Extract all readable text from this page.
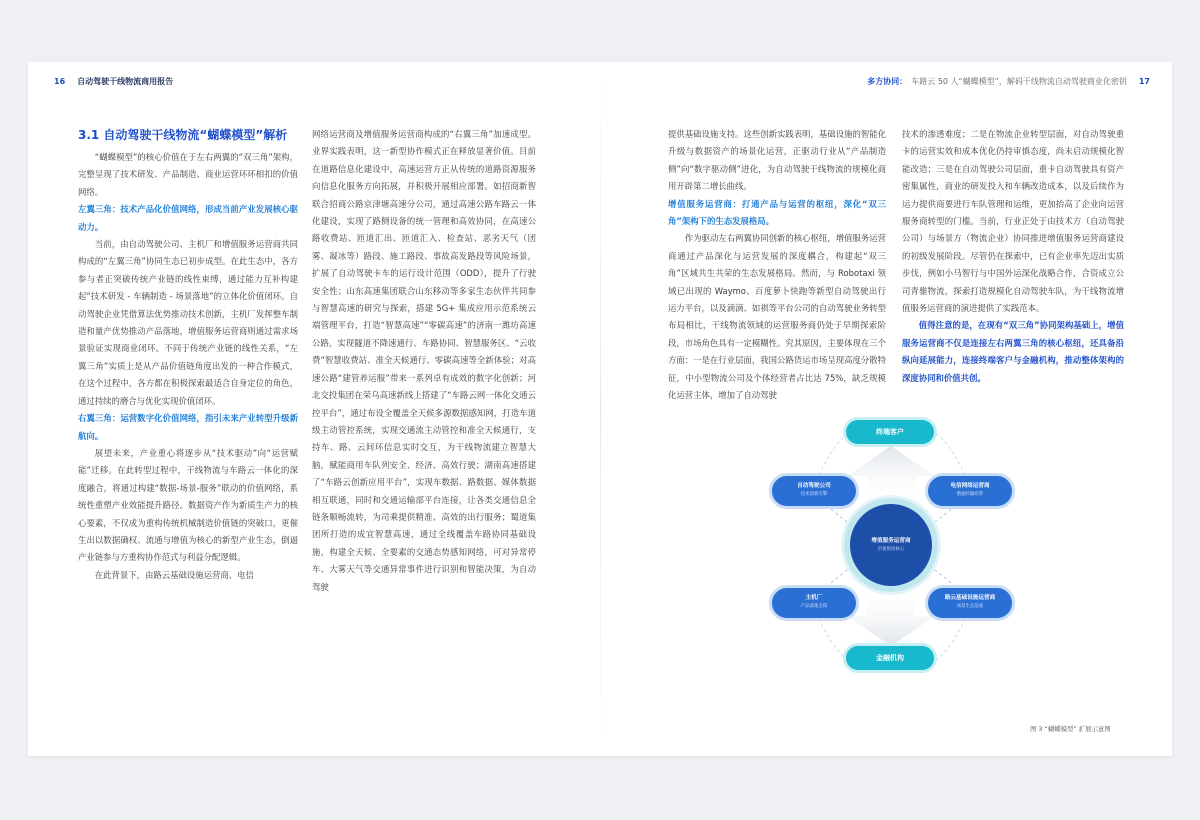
16 自动驾驶干线物流商用报告	多方协同： 车路云 50 人“蝴蝶模型”，解码干线物流自动驾驶商业化密钥 17

3.1 自动驾驶干线物流“蝴蝶模型”解析

“蝴蝶模型”的核心价值在于左右两翼的“双三角”架构，完整呈现了技术研发、产品制造、商业运营环环相扣的价值网络。

左翼三角：技术产品化价值网络，形成当前产业发展核心驱动力。

当前，由自动驾驶公司、主机厂和增值服务运营商共同构成的“左翼三角”协同生态已初步成型。在此生态中，各方参与者正突破传统产业链的线性束缚，通过能力互补构建起“技术研发 - 车辆制造 - 场景落地”的立体化价值闭环。自动驾驶企业凭借算法优势推动技术创新，主机厂发挥整车制造和量产优势推动产品落地，增值服务运营商则通过需求场景验证实现商业闭环。不同于传统产业链的线性关系，“左翼三角”实质上是从产品价值链角度出发的一种合作模式，在这个过程中，各方都在积极探索最适合自身定位的角色，通过持续的磨合与优化实现价值闭环。

右翼三角：运营数字化价值网络，指引未来产业转型升级新航向。

展望未来，产业重心将逐步从“技术驱动”向“运营赋能”迁移。在此转型过程中，干线物流与车路云一体化的深度融合，将通过构建“数据-场景-服务”联动的价值网络，系统性重塑产业效能提升路径。数据资产作为新质生产力的核心要素，不仅成为重构传统机械制造价值链的突破口，更催生出以数据确权、流通与增值为核心的新型产业生态，倒逼产业链参与方重构协作范式与利益分配逻辑。

在此背景下，由路云基础设施运营商、电信

网络运营商及增值服务运营商构成的“右翼三角”加速成型。业界实践表明，这一新型协作模式正在释放显著价值。目前在道路信息化建设中，高速运营方正从传统的道路资源服务向信息化服务方向拓展，并积极开展相应部署。如招商新智联合招商公路京津塘高速分公司，通过高速公路车路云一体化建设，实现了路侧设备的统一管理和高效协同，在高速公路收费站、匝道汇出、匝道汇入、检查站、恶劣天气（团雾、凝冰等）路段、施工路段、事故高发路段等风险场景，扩展了自动驾驶卡车的运行设计范围（ODD），提升了行驶安全性；山东高速集团联合山东移动等多家生态伙伴共同参与智慧高速的研究与探索，搭建 5G+ 集成应用示范系统云端管理平台，打造“智慧高速”“零碳高速”的济南一潍坊高速公路，实现隧道不降速通行、车路协同、智慧服务区、“云收费”智慧收费站、准全天候通行、零碳高速等全新体验；对高速公路“建管养运服”带来一系列卓有成效的数字化创新；河北交投集团在荣乌高速新线上搭建了“车路云网一体化交通云控平台”，通过布设全覆盖全天候多源数据感知网，打造车道级主动管控系统，实现交通流主动管控和准全天候通行，支持车、路、云间环信息实时交互，为干线物流建立智慧大脑，赋能商用车队列安全、经济、高效行驶；湖南高速搭建了“车路云创新应用平台”，实现车数据、路数据、媒体数据相互联通，同时和交通运输部平台连接，让各类交通信息全链条顺畅流转，为司乘提供精准、高效的出行服务；蜀道集团所打造的成宜智慧高速，通过全线覆盖车路协同基础设施，构建全天候、全要素的交通态势感知网络，可对异常停车、大雾天气等交通异常事件进行识别和智能决策，为自动驾驶

提供基础设施支持。这些创新实践表明，基础设施的智能化升级与数据资产的场景化运营，正驱动行业从“产品制造侧”向“数字驱动侧”进化，为自动驾驶干线物流的规模化商用开辟第二增长曲线。

增值服务运营商：打通产品与运营的枢纽，深化“双三角”架构下的生态发展格局。

作为驱动左右两翼协同创新的核心枢纽，增值服务运营商通过产品深化与运营发展的深度耦合，构建起“双三角”区域共生共荣的生态发展格局。然而，与 Robotaxi 领域已出现的 Waymo、百度萝卜快跑等新型自动驾驶出行运力平台，以及滴滴、如祺等平台公司的自动驾驶业务转型布局相比，干线物流领域的运营服务商仍处于早期探索阶段，市场角色具有一定模糊性。究其原因，主要体现在三个方面：一是在行业层面，我国公路货运市场呈现高度分散特征，中小型物流公司及个体经营者占比达 75%，缺乏规模化运营主体，增加了自动驾驶

技术的渗透难度；二是在物流企业转型层面，对自动驾驶重卡的运营实效和成本优化仍持审慎态度，尚未启动规模化智能改造；三是在自动驾驶公司层面，重卡自动驾驶具有资产密集属性，商业的研发投入和车辆改造成本，以及后续作为运力提供商要进行车队管理和运维，更加抬高了企业向运营服务商转型的门槛。当前，行业正处于由技术方（自动驾驶公司）与场景方（物流企业）协同推进增值服务运营商建设的初级发展阶段。尽管仍在探索中，已有企业率先迈出实质步伐，例如小马智行与中国外运深化战略合作，合资成立公司青骓物流，探索打造规模化自动驾驶车队，为干线物流增值服务运营商的演进提供了实践范本。

值得注意的是，在现有“双三角”协同架构基础上，增值服务运营商不仅是连接左右两翼三角的核心枢纽，还具备沿纵向延展能力，连接终端客户与金融机构，推动整体架构的深度协同和价值共创。

图 3 “蝴蝶模型” 扩展示意图
终端客户
自动驾驶公司
技术创新引擎
电信网络运营商
数据传输纽带
增值服务运营商
价值枢纽核心
主机厂
产品落地支撑
路云基础设施运营商
场景生态基座
金融机构
